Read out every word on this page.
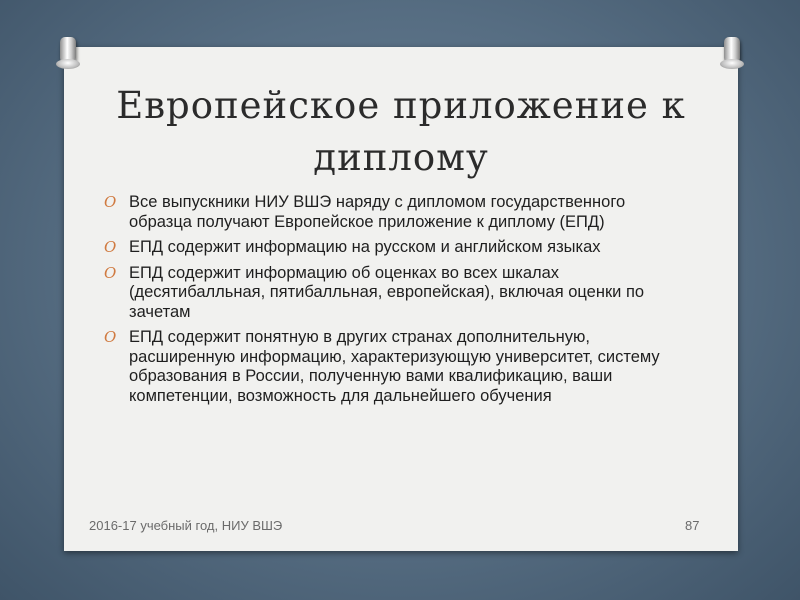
Европейское приложение к
диплому
O Все выпускники НИУ ВШЭ наряду с дипломом государственного образца получают Европейское приложение к диплому (ЕПД)
O ЕПД содержит информацию на русском и английском языках
O ЕПД содержит информацию об оценках во всех шкалах (десятибалльная, пятибалльная, европейская), включая оценки по зачетам
O ЕПД содержит понятную в других странах дополнительную, расширенную информацию, характеризующую университет, систему образования в России, полученную вами квалификацию, ваши компетенции, возможность для дальнейшего обучения
2016-17 учебный год, НИУ ВШЭ	87
